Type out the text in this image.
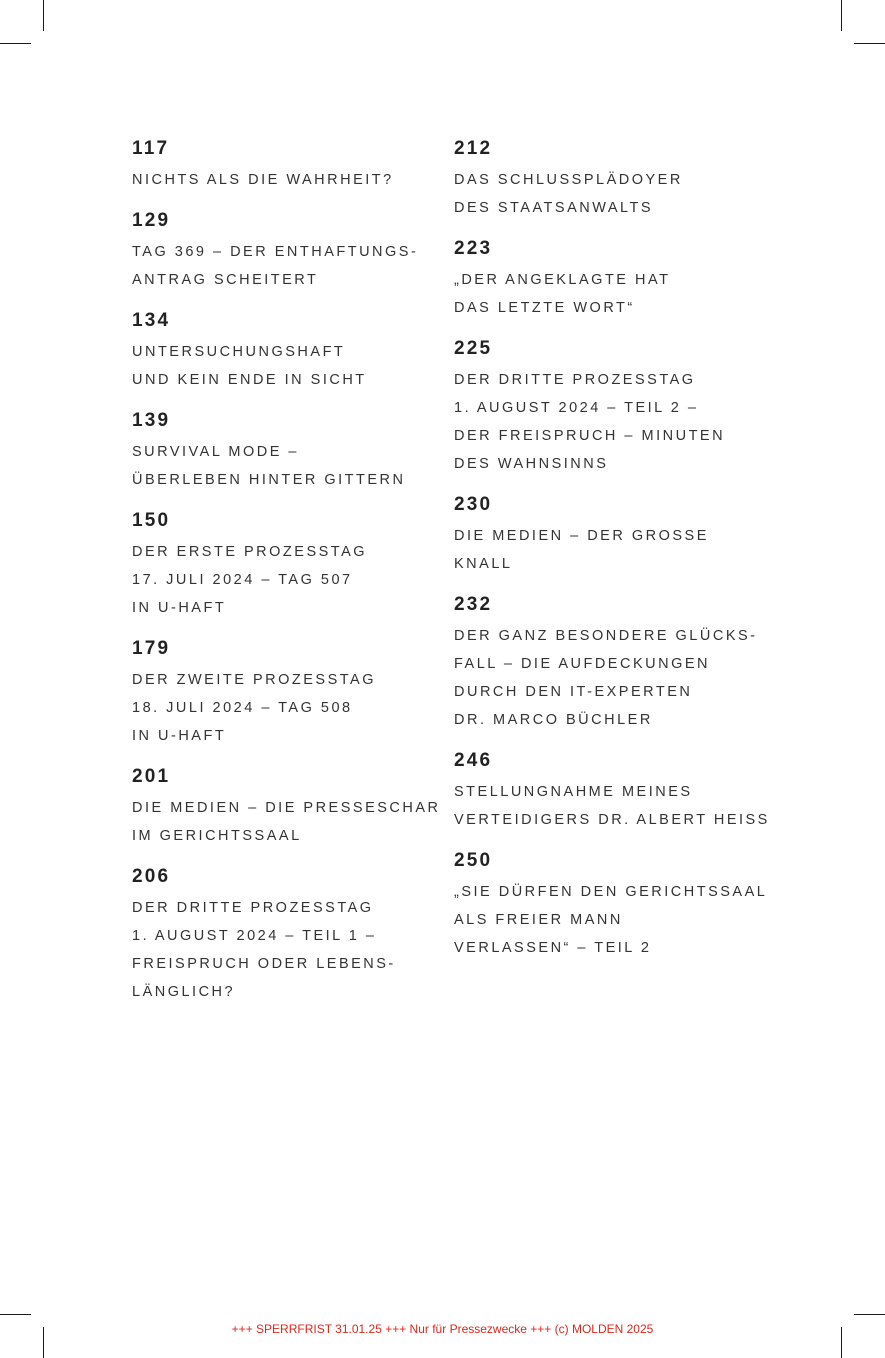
117
NICHTS ALS DIE WAHRHEIT?
129
TAG 369 – DER ENTHAFTUNGS-
ANTRAG SCHEITERT
134
UNTERSUCHUNGSHAFT
UND KEIN ENDE IN SICHT
139
SURVIVAL MODE –
ÜBERLEBEN HINTER GITTERN
150
DER ERSTE PROZESSTAG
17. JULI 2024 – TAG 507
IN U-HAFT
179
DER ZWEITE PROZESSTAG
18. JULI 2024 – TAG 508
IN U-HAFT
201
DIE MEDIEN – DIE PRESSESCHAR
IM GERICHTSSAAL
206
DER DRITTE PROZESSTAG
1. AUGUST 2024 – TEIL 1 –
FREISPRUCH ODER LEBENS-
LÄNGLICH?
212
DAS SCHLUSSPLÄDOYER
DES STAATSANWALTS
223
„DER ANGEKLAGTE HAT
DAS LETZTE WORT“
225
DER DRITTE PROZESSTAG
1. AUGUST 2024 – TEIL 2 –
DER FREISPRUCH – MINUTEN
DES WAHNSINNS
230
DIE MEDIEN – DER GROSSE
KNALL
232
DER GANZ BESONDERE GLÜCKS-
FALL – DIE AUFDECKUNGEN
DURCH DEN IT-EXPERTEN
DR. MARCO BÜCHLER
246
STELLUNGNAHME MEINES
VERTEIDIGERS DR. ALBERT HEISS
250
„SIE DÜRFEN DEN GERICHTSSAAL
ALS FREIER MANN
VERLASSEN“ – TEIL 2
+++ SPERRFRIST 31.01.25 +++ Nur für Pressezwecke +++ (c) MOLDEN 2025
